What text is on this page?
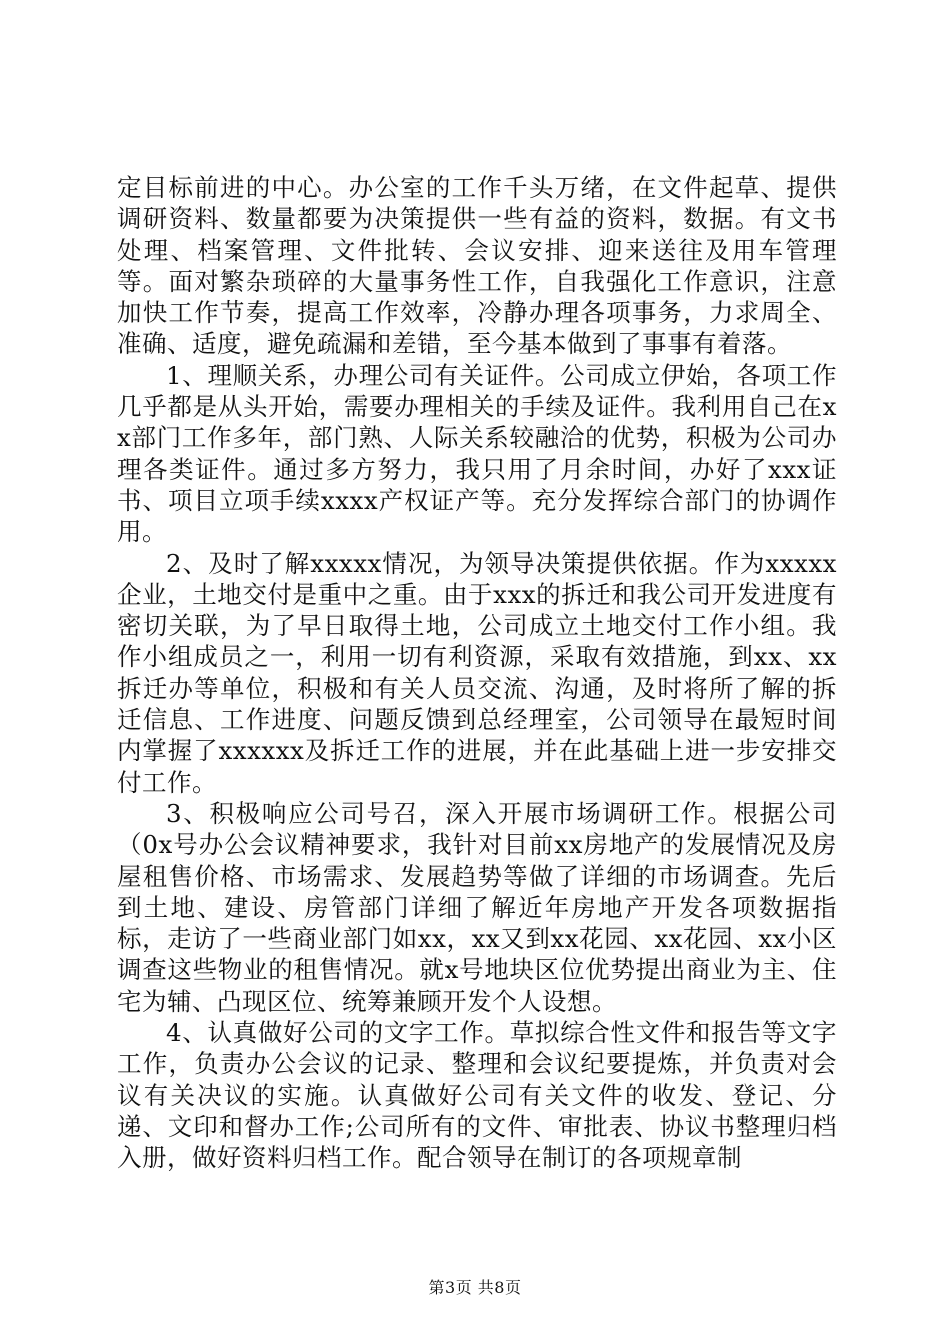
定目标前进的中心。办公室的工作千头万绪，在文件起草、提供调研资料、数量都要为决策提供一些有益的资料，数据。有文书处理、档案管理、文件批转、会议安排、迎来送往及用车管理等。面对繁杂琐碎的大量事务性工作，自我强化工作意识，注意加快工作节奏，提高工作效率，冷静办理各项事务，力求周全、准确、适度，避免疏漏和差错，至今基本做到了事事有着落。

1、理顺关系，办理公司有关证件。公司成立伊始，各项工作几乎都是从头开始，需要办理相关的手续及证件。我利用自己在xx部门工作多年，部门熟、人际关系较融洽的优势，积极为公司办理各类证件。通过多方努力，我只用了月余时间，办好了xxx证书、项目立项手续xxxx产权证产等。充分发挥综合部门的协调作用。

2、及时了解xxxxx情况，为领导决策提供依据。作为xxxxx企业，土地交付是重中之重。由于xxx的拆迁和我公司开发进度有密切关联，为了早日取得土地，公司成立土地交付工作小组。我作小组成员之一，利用一切有利资源，采取有效措施，到xx、xx拆迁办等单位，积极和有关人员交流、沟通，及时将所了解的拆迁信息、工作进度、问题反馈到总经理室，公司领导在最短时间内掌握了xxxxxx及拆迁工作的进展，并在此基础上进一步安排交付工作。

3、积极响应公司号召，深入开展市场调研工作。根据公司（0x号办公会议精神要求，我针对目前xx房地产的发展情况及房屋租售价格、市场需求、发展趋势等做了详细的市场调查。先后到土地、建设、房管部门详细了解近年房地产开发各项数据指标，走访了一些商业部门如xx，xx又到xx花园、xx花园、xx小区调查这些物业的租售情况。就x号地块区位优势提出商业为主、住宅为辅、凸现区位、统筹兼顾开发个人设想。

4、认真做好公司的文字工作。草拟综合性文件和报告等文字工作，负责办公会议的记录、整理和会议纪要提炼，并负责对会议有关决议的实施。认真做好公司有关文件的收发、登记、分递、文印和督办工作;公司所有的文件、审批表、协议书整理归档入册，做好资料归档工作。配合领导在制订的各项规章制

第3页 共8页
